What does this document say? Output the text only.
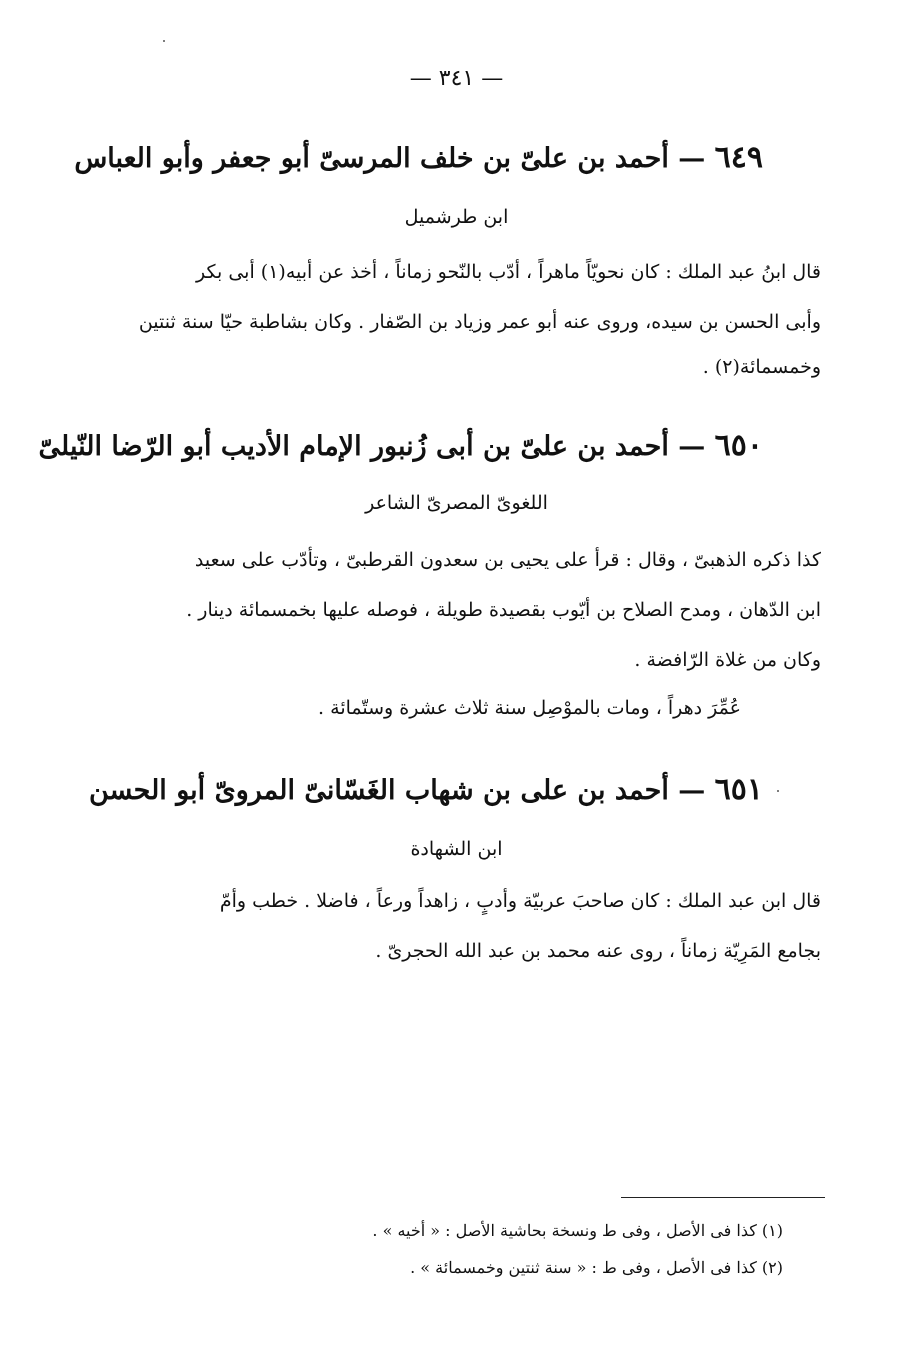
— ٣٤١ —
٦٤٩ — أحمد بن علىّ بن خلف المرسىّ أبو جعفر وأبو العباس
ابن طرشميل
قال ابنُ عبد الملك : كان نحويّاً ماهراً ، أدّب بالنّحو زماناً ، أخذ عن أبيه(١) أبى بكر
وأبى الحسن بن سيده، وروى عنه أبو عمر وزياد بن الصّفار . وكان بشاطبة حيّا سنة ثنتين
وخمسمائة(٢) .
٦٥٠ — أحمد بن علىّ بن أبى زُنبور الإمام الأديب أبو الرّضا النّيلىّ
اللغوىّ المصرىّ الشاعر
كذا ذكره الذهبىّ ، وقال : قرأ على يحيى بن سعدون القرطبىّ ، وتأدّب على سعيد
ابن الدّهان ، ومدح الصلاح بن أيّوب بقصيدة طويلة ، فوصله عليها بخمسمائة دينار .
وكان من غلاة الرّافضة .
عُمِّرَ دهراً ، ومات بالموْصِل سنة ثلاث عشرة وستّمائة .
٦٥١ — أحمد بن على بن شهاب الغَسّانىّ المروىّ أبو الحسن
ابن الشهادة
قال ابن عبد الملك : كان صاحبَ عربيّة وأدبٍ ، زاهداً ورعاً ، فاضلا . خطب وأمّ
بجامع المَرِيّة زماناً ، روى عنه محمد بن عبد الله الحجرىّ .
(١) كذا فى الأصل ، وفى ط ونسخة بحاشية الأصل : « أخيه » .
(٢) كذا فى الأصل ، وفى ط : « سنة ثنتين وخمسمائة » .
